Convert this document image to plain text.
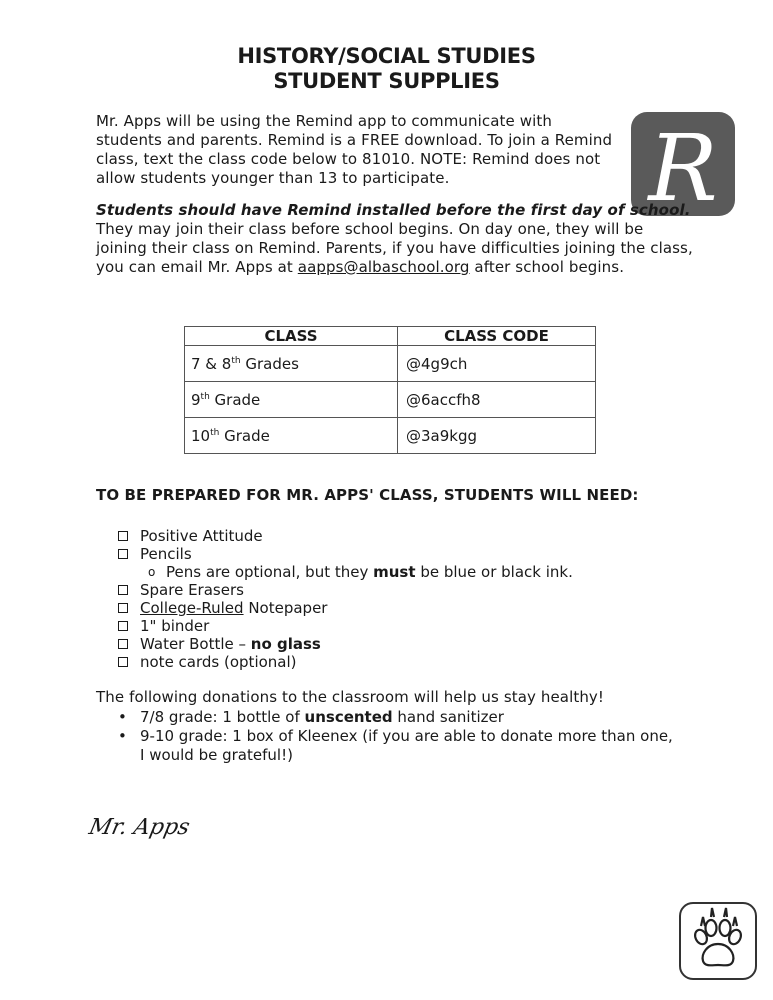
HISTORY/SOCIAL STUDIES
STUDENT SUPPLIES
Mr. Apps will be using the Remind app to communicate with students and parents. Remind is a FREE download. To join a Remind class, text the class code below to 81010. NOTE: Remind does not allow students younger than 13 to participate.	R
Students should have Remind installed before the first day of school. They may join their class before school begins. On day one, they will be joining their class on Remind. Parents, if you have difficulties joining the class, you can email Mr. Apps at aapps@albaschool.org after school begins.
CLASS	CLASS CODE
7 & 8th Grades	@4g9ch
9th Grade	@6accfh8
10th Grade	@3a9kgg
TO BE PREPARED FOR MR. APPS' CLASS, STUDENTS WILL NEED:
Positive Attitude
Pencils
o Pens are optional, but they must be blue or black ink.
Spare Erasers
College-Ruled Notepaper
1" binder
Water Bottle – no glass
note cards (optional)
The following donations to the classroom will help us stay healthy!
• 7/8 grade: 1 bottle of unscented hand sanitizer
• 9-10 grade: 1 box of Kleenex (if you are able to donate more than one, I would be grateful!)
Mr. Apps
